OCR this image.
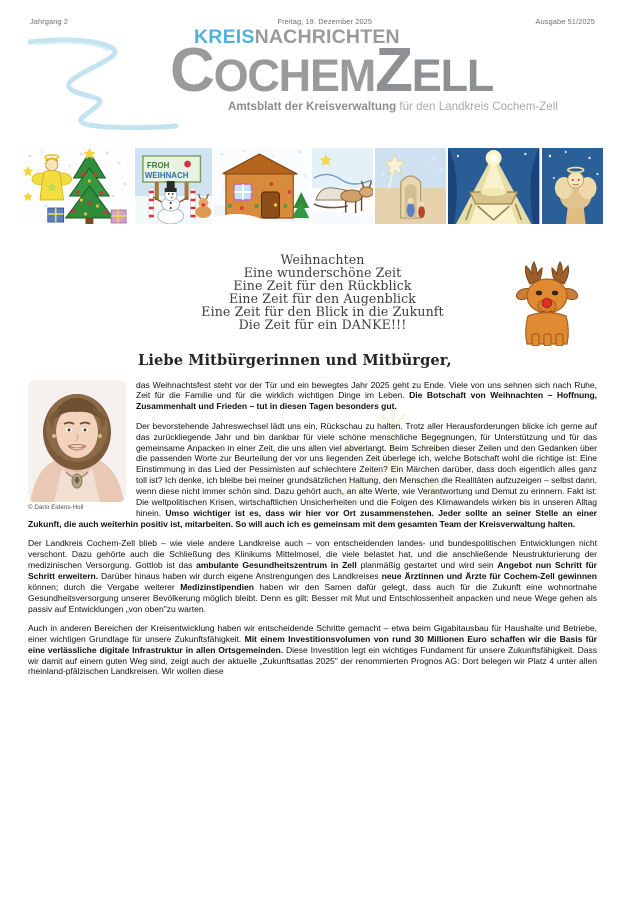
Jahrgang 2	Freitag, 19. Dezember 2025	Ausgabe 51/2025
KREISNACHRICHTEN
COCHEMZELL
Amtsblatt der Kreisverwaltung für den Landkreis Cochem-Zell
FROH
WEIHNACH
Weihnachten
Eine wunderschöne Zeit
Eine Zeit für den Rückblick
Eine Zeit für den Augenblick
Eine Zeit für den Blick in die Zukunft
Die Zeit für ein DANKE!!!
Liebe Mitbürgerinnen und Mitbürger,
© Dario Eidens-Holl

das Weihnachtsfest steht vor der Tür und ein bewegtes Jahr 2025 geht zu Ende. Viele von uns sehnen sich nach Ruhe, Zeit für die Familie und für die wirklich wichtigen Dinge im Leben. Die Botschaft von Weihnachten – Hoffnung, Zusammenhalt und Frieden – tut in diesen Tagen besonders gut.

Der bevorstehende Jahreswechsel lädt uns ein, Rückschau zu halten. Trotz aller Herausforderungen blicke ich gerne auf das zurückliegende Jahr und bin dankbar für viele schöne menschliche Begegnungen, für Unterstützung und für das gemeinsame Anpacken in einer Zeit, die uns allen viel abverlangt. Beim Schreiben dieser Zeilen und den Gedanken über die passenden Worte zur Beurteilung der vor uns liegenden Zeit überlege ich, welche Botschaft wohl die richtige ist: Eine Einstimmung in das Lied der Pessimisten auf schlechtere Zeiten? Ein Märchen darüber, dass doch eigentlich alles ganz toll ist? Ich denke, ich bleibe bei meiner grundsätzlichen Haltung, den Menschen die Realitäten aufzuzeigen – selbst dann, wenn diese nicht immer schön sind. Dazu gehört auch, an alte Werte, wie Verantwortung und Demut zu erinnern. Fakt ist: Die weltpolitischen Krisen, wirtschaftlichen Unsicherheiten und die Folgen des Klimawandels wirken bis in unseren Alltag hinein. Umso wichtiger ist es, dass wir hier vor Ort zusammenstehen. Jeder sollte an seiner Stelle an einer Zukunft, die auch weiterhin positiv ist, mitarbeiten. So will auch ich es gemeinsam mit dem gesamten Team der Kreisverwaltung halten.

Der Landkreis Cochem-Zell blieb – wie viele andere Landkreise auch – von entscheidenden landes- und bundespolitischen Entwicklungen nicht verschont. Dazu gehörte auch die Schließung des Klinikums Mittelmosel, die viele belastet hat, und die anschließende Neustrukturierung der medizinischen Versorgung. Gottlob ist das ambulante Gesundheitszentrum in Zell planmäßig gestartet und wird sein Angebot nun Schritt für Schritt erweitern. Darüber hinaus haben wir durch eigene Anstrengungen des Landkreises neue Ärztinnen und Ärzte für Cochem-Zell gewinnen können; durch die Vergabe weiterer Medizinstipendien haben wir den Samen dafür gelegt, dass auch für die Zukunft eine wohnortnahe Gesundheitsversorgung unserer Bevölkerung möglich bleibt. Denn es gilt: Besser mit Mut und Entschlossenheit anpacken und neue Wege gehen als passiv auf Entwicklungen „von oben"zu warten.

Auch in anderen Bereichen der Kreisentwicklung haben wir entscheidende Schritte gemacht – etwa beim Gigabitausbau für Haushalte und Betriebe, einer wichtigen Grundlage für unsere Zukunftsfähigkeit. Mit einem Investitionsvolumen von rund 30 Millionen Euro schaffen wir die Basis für eine verlässliche digitale Infrastruktur in allen Ortsgemeinden. Diese Investition legt ein wichtiges Fundament für unsere Zukunftsfähigkeit. Dass wir damit auf einem guten Weg sind, zeigt auch der aktuelle „Zukunftsatlas 2025" der renommierten Prognos AG: Dort belegen wir Platz 4 unter allen rheinland-pfälzischen Landkreisen. Wir wollen diese
